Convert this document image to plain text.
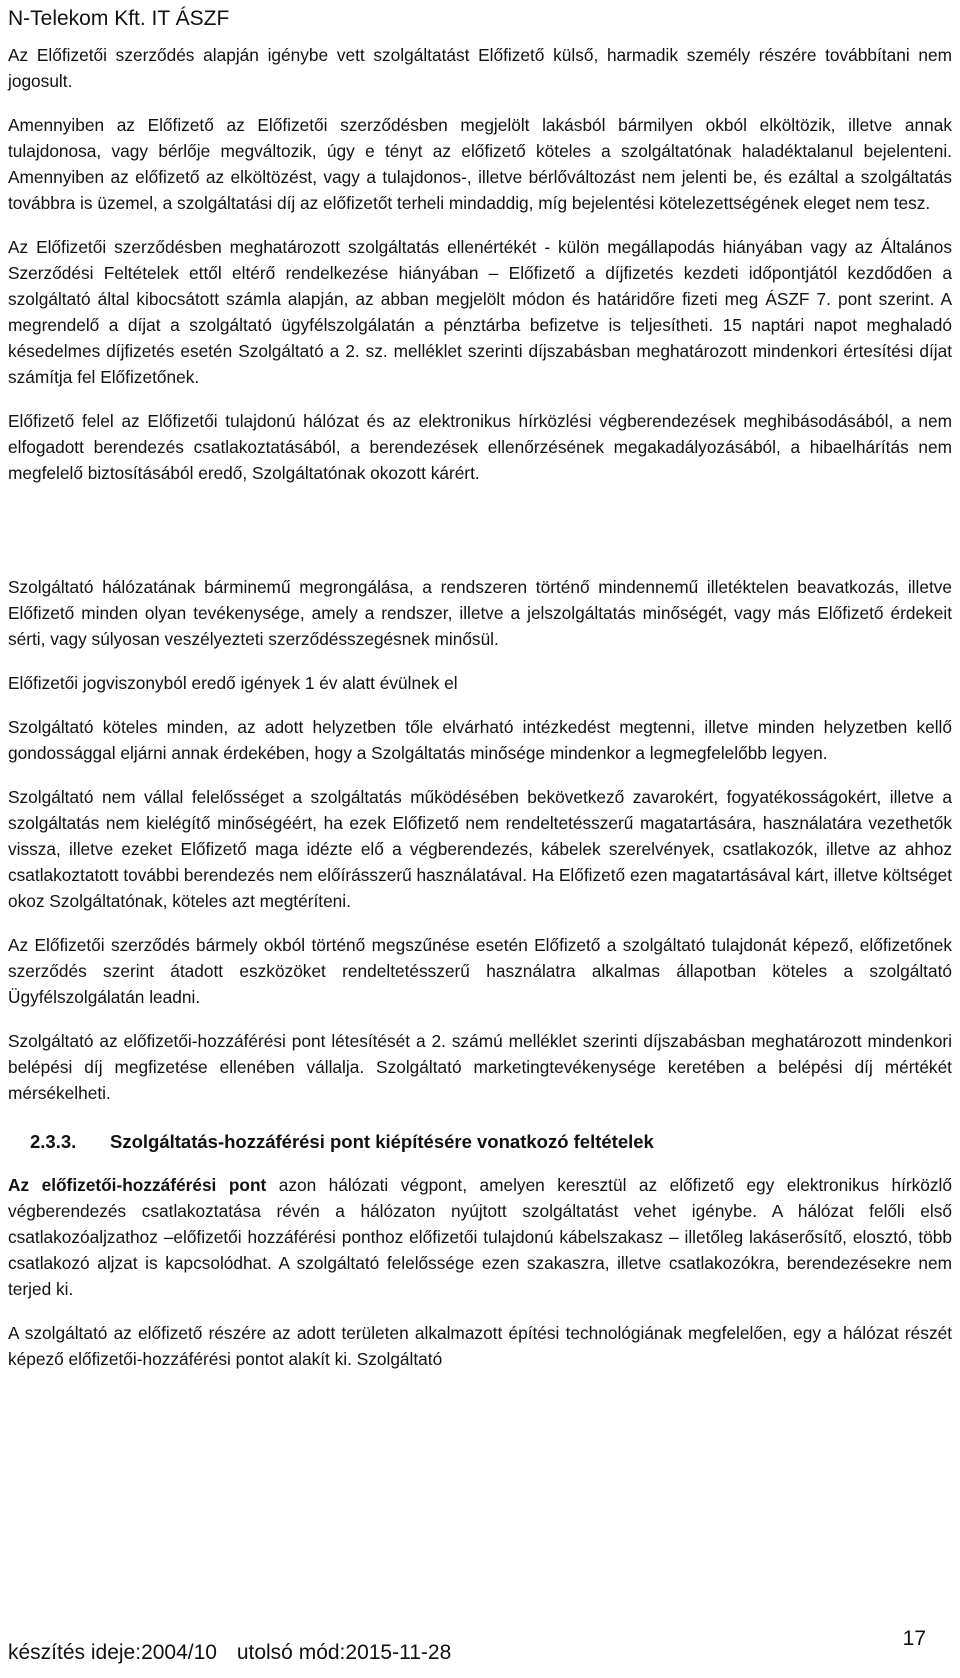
N-Telekom Kft. IT ÁSZF

Az Előfizetői szerződés alapján igénybe vett szolgáltatást Előfizető külső, harmadik személy részére továbbítani nem jogosult.

Amennyiben az Előfizető az Előfizetői szerződésben megjelölt lakásból bármilyen okból elköltözik, illetve annak tulajdonosa, vagy bérlője megváltozik, úgy e tényt az előfizető köteles a szolgáltatónak haladéktalanul bejelenteni. Amennyiben az előfizető az elköltözést, vagy a tulajdonos-, illetve bérlőváltozást nem jelenti be, és ezáltal a szolgáltatás továbbra is üzemel, a szolgáltatási díj az előfizetőt terheli mindaddig, míg bejelentési kötelezettségének eleget nem tesz.

Az Előfizetői szerződésben meghatározott szolgáltatás ellenértékét - külön megállapodás hiányában vagy az Általános Szerződési Feltételek ettől eltérő rendelkezése hiányában – Előfizető a díjfizetés kezdeti időpontjától kezdődően a szolgáltató által kibocsátott számla alapján, az abban megjelölt módon és határidőre fizeti meg ÁSZF 7. pont szerint. A megrendelő a díjat a szolgáltató ügyfélszolgálatán a pénztárba befizetve is teljesítheti. 15 naptári napot meghaladó késedelmes díjfizetés esetén Szolgáltató a 2. sz. melléklet szerinti díjszabásban meghatározott mindenkori értesítési díjat számítja fel Előfizetőnek.

Előfizető felel az Előfizetői tulajdonú hálózat és az elektronikus hírközlési végberendezések meghibásodásából, a nem elfogadott berendezés csatlakoztatásából, a berendezések ellenőrzésének megakadályozásából, a hibaelhárítás nem megfelelő biztosításából eredő, Szolgáltatónak okozott kárért.

Szolgáltató hálózatának bárminemű megrongálása, a rendszeren történő mindennemű illetéktelen beavatkozás, illetve Előfizető minden olyan tevékenysége, amely a rendszer, illetve a jelszolgáltatás minőségét, vagy más Előfizető érdekeit sérti, vagy súlyosan veszélyezteti szerződésszegésnek minősül.

Előfizetői jogviszonyból eredő igények 1 év alatt évülnek el

Szolgáltató köteles minden, az adott helyzetben tőle elvárható intézkedést megtenni, illetve minden helyzetben kellő gondossággal eljárni annak érdekében, hogy a Szolgáltatás minősége mindenkor a legmegfelelőbb legyen.

Szolgáltató nem vállal felelősséget a szolgáltatás működésében bekövetkező zavarokért, fogyatékosságokért, illetve a szolgáltatás nem kielégítő minőségéért, ha ezek Előfizető nem rendeltetésszerű magatartására, használatára vezethetők vissza, illetve ezeket Előfizető maga idézte elő a végberendezés, kábelek szerelvények, csatlakozók, illetve az ahhoz csatlakoztatott további berendezés nem előírásszerű használatával. Ha Előfizető ezen magatartásával kárt, illetve költséget okoz Szolgáltatónak, köteles azt megtéríteni.

Az Előfizetői szerződés bármely okból történő megszűnése esetén Előfizető a szolgáltató tulajdonát képező, előfizetőnek szerződés szerint átadott eszközöket rendeltetésszerű használatra alkalmas állapotban köteles a szolgáltató Ügyfélszolgálatán leadni.

Szolgáltató az előfizetői-hozzáférési pont létesítését a 2. számú melléklet szerinti díjszabásban meghatározott mindenkori belépési díj megfizetése ellenében vállalja. Szolgáltató marketingtevékenysége keretében a belépési díj mértékét mérsékelheti.

2.3.3. Szolgáltatás-hozzáférési pont kiépítésére vonatkozó feltételek

Az előfizetői-hozzáférési pont azon hálózati végpont, amelyen keresztül az előfizető egy elektronikus hírközlő végberendezés csatlakoztatása révén a hálózaton nyújtott szolgáltatást vehet igénybe. A hálózat felőli első csatlakozóaljzathoz –előfizetői hozzáférési ponthoz előfizetői tulajdonú kábelszakasz – illetőleg lakáserősítő, elosztó, több csatlakozó aljzat is kapcsolódhat. A szolgáltató felelőssége ezen szakaszra, illetve csatlakozókra, berendezésekre nem terjed ki.

A szolgáltató az előfizető részére az adott területen alkalmazott építési technológiának megfelelően, egy a hálózat részét képező előfizetői-hozzáférési pontot alakít ki. Szolgáltató

készítés ideje:2004/10 utolsó mód:2015-11-28
17
